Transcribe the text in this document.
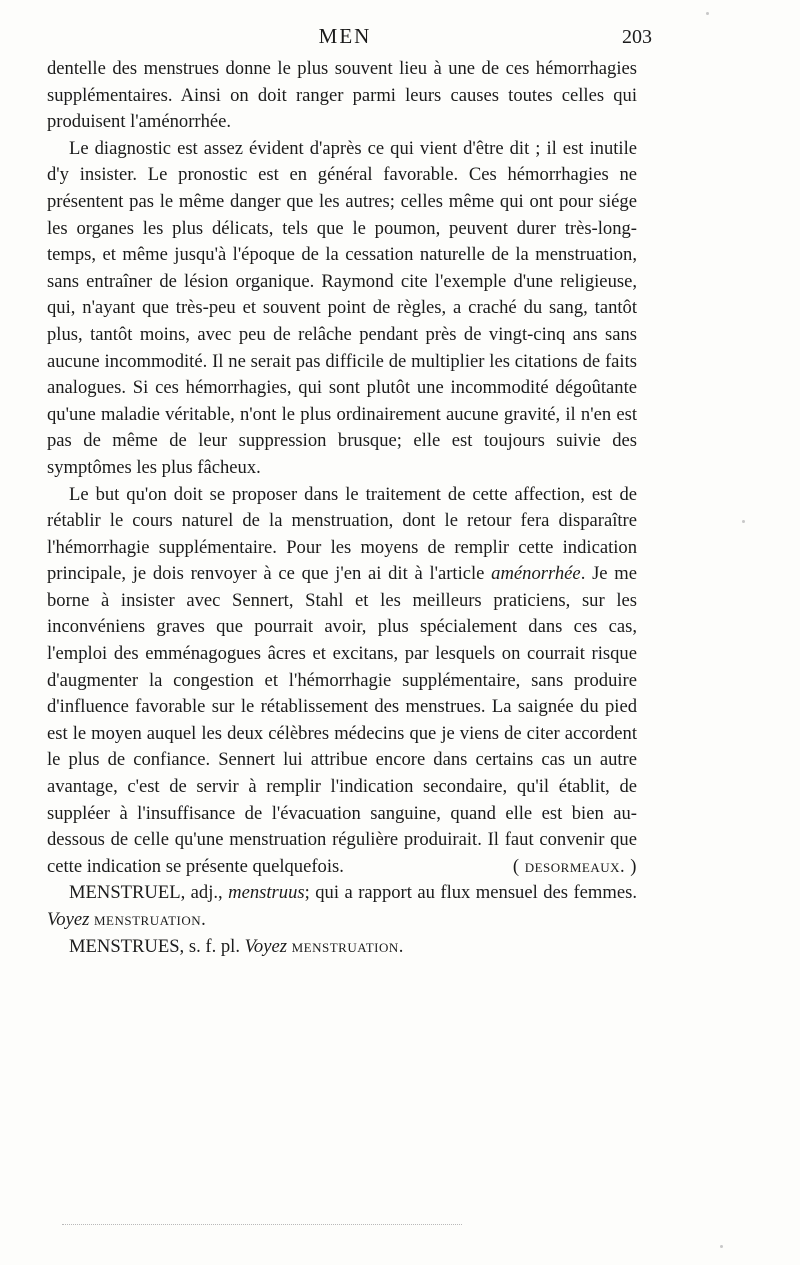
MEN	203

dentelle des menstrues donne le plus souvent lieu à une de ces hémorrhagies supplémentaires. Ainsi on doit ranger parmi leurs causes toutes celles qui produisent l'aménorrhée.

Le diagnostic est assez évident d'après ce qui vient d'être dit ; il est inutile d'y insister. Le pronostic est en général favorable. Ces hémorrhagies ne présentent pas le même danger que les autres; celles même qui ont pour siége les organes les plus délicats, tels que le poumon, peuvent durer très-long-temps, et même jusqu'à l'époque de la cessation naturelle de la menstruation, sans entraîner de lésion organique. Raymond cite l'exemple d'une religieuse, qui, n'ayant que très-peu et souvent point de règles, a craché du sang, tantôt plus, tantôt moins, avec peu de relâche pendant près de vingt-cinq ans sans aucune incommodité. Il ne serait pas difficile de multiplier les citations de faits analogues. Si ces hémorrhagies, qui sont plutôt une incommodité dégoûtante qu'une maladie véritable, n'ont le plus ordinairement aucune gravité, il n'en est pas de même de leur suppression brusque; elle est toujours suivie des symptômes les plus fâcheux.

Le but qu'on doit se proposer dans le traitement de cette affection, est de rétablir le cours naturel de la menstruation, dont le retour fera disparaître l'hémorrhagie supplémentaire. Pour les moyens de remplir cette indication principale, je dois renvoyer à ce que j'en ai dit à l'article aménorrhée. Je me borne à insister avec Sennert, Stahl et les meilleurs praticiens, sur les inconvéniens graves que pourrait avoir, plus spécialement dans ces cas, l'emploi des emménagogues âcres et excitans, par lesquels on courrait risque d'augmenter la congestion et l'hémorrhagie supplémentaire, sans produire d'influence favorable sur le rétablissement des menstrues. La saignée du pied est le moyen auquel les deux célèbres médecins que je viens de citer accordent le plus de confiance. Sennert lui attribue encore dans certains cas un autre avantage, c'est de servir à remplir l'indication secondaire, qu'il établit, de suppléer à l'insuffisance de l'évacuation sanguine, quand elle est bien au-dessous de celle qu'une menstruation régulière produirait. Il faut convenir que cette indication se présente quelquefois.	( desormeaux. )

MENSTRUEL, adj., menstruus; qui a rapport au flux mensuel des femmes. Voyez menstruation.

MENSTRUES, s. f. pl. Voyez menstruation.
